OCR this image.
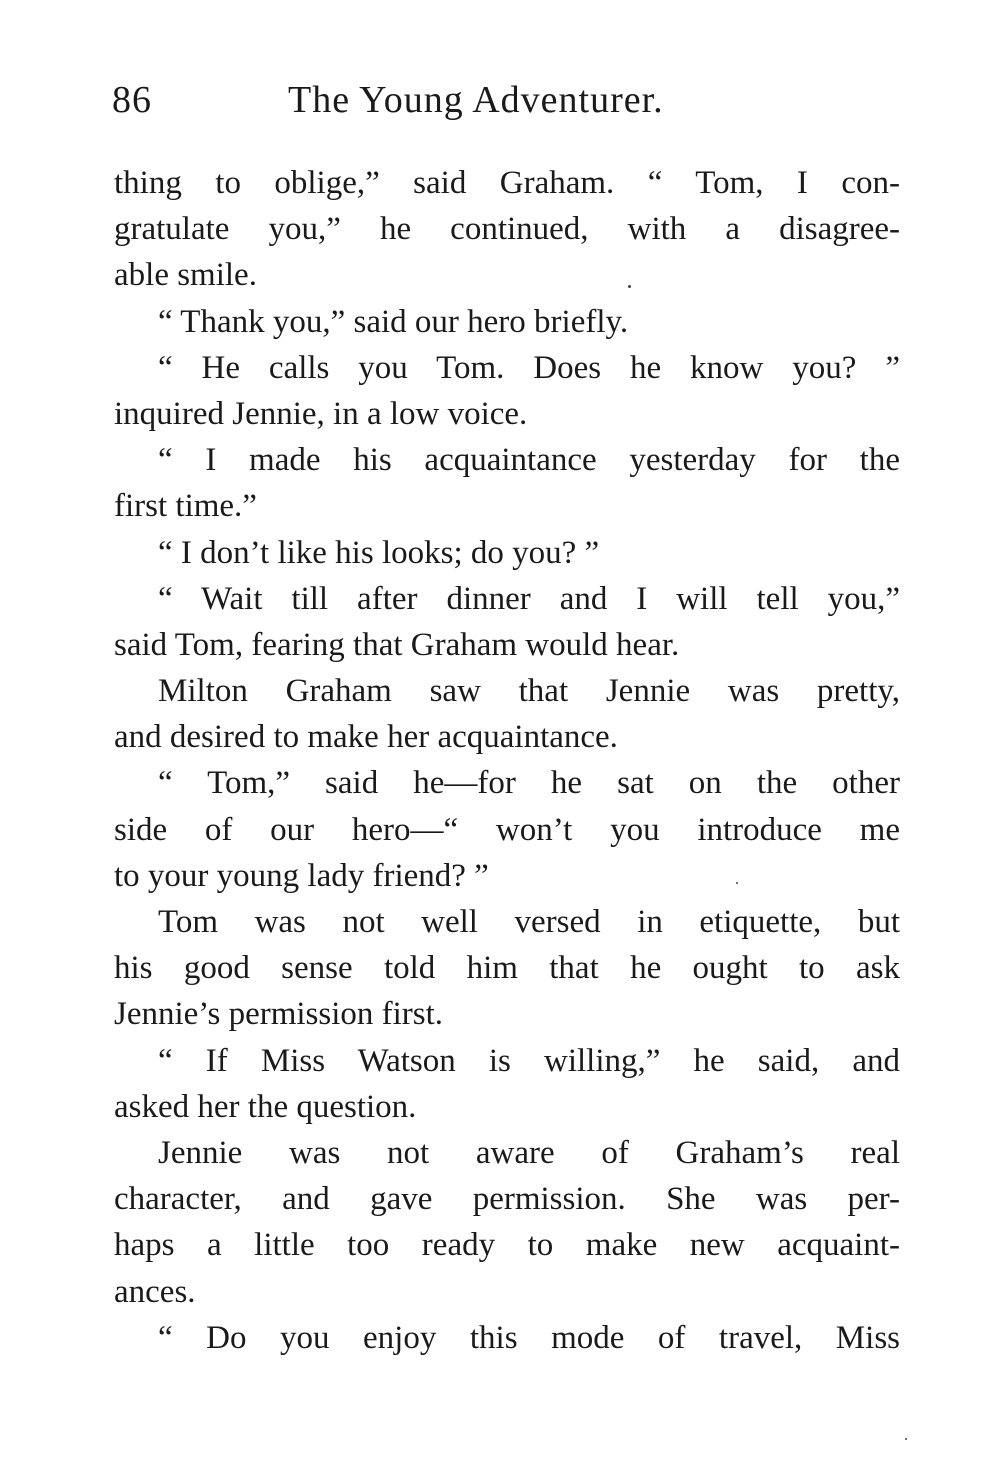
86	The Young Adventurer.
thing to oblige,” said Graham. “ Tom, I con-
gratulate you,” he continued, with a disagree-
able smile.
“ Thank you,” said our hero briefly.
“ He calls you Tom. Does he know you? ”
inquired Jennie, in a low voice.
“ I made his acquaintance yesterday for the
first time.”
“ I don’t like his looks; do you? ”
“ Wait till after dinner and I will tell you,”
said Tom, fearing that Graham would hear.
Milton Graham saw that Jennie was pretty,
and desired to make her acquaintance.
“ Tom,” said he—for he sat on the other
side of our hero—“ won’t you introduce me
to your young lady friend? ”
Tom was not well versed in etiquette, but
his good sense told him that he ought to ask
Jennie’s permission first.
“ If Miss Watson is willing,” he said, and
asked her the question.
Jennie was not aware of Graham’s real
character, and gave permission. She was per-
haps a little too ready to make new acquaint-
ances.
“ Do you enjoy this mode of travel, Miss
